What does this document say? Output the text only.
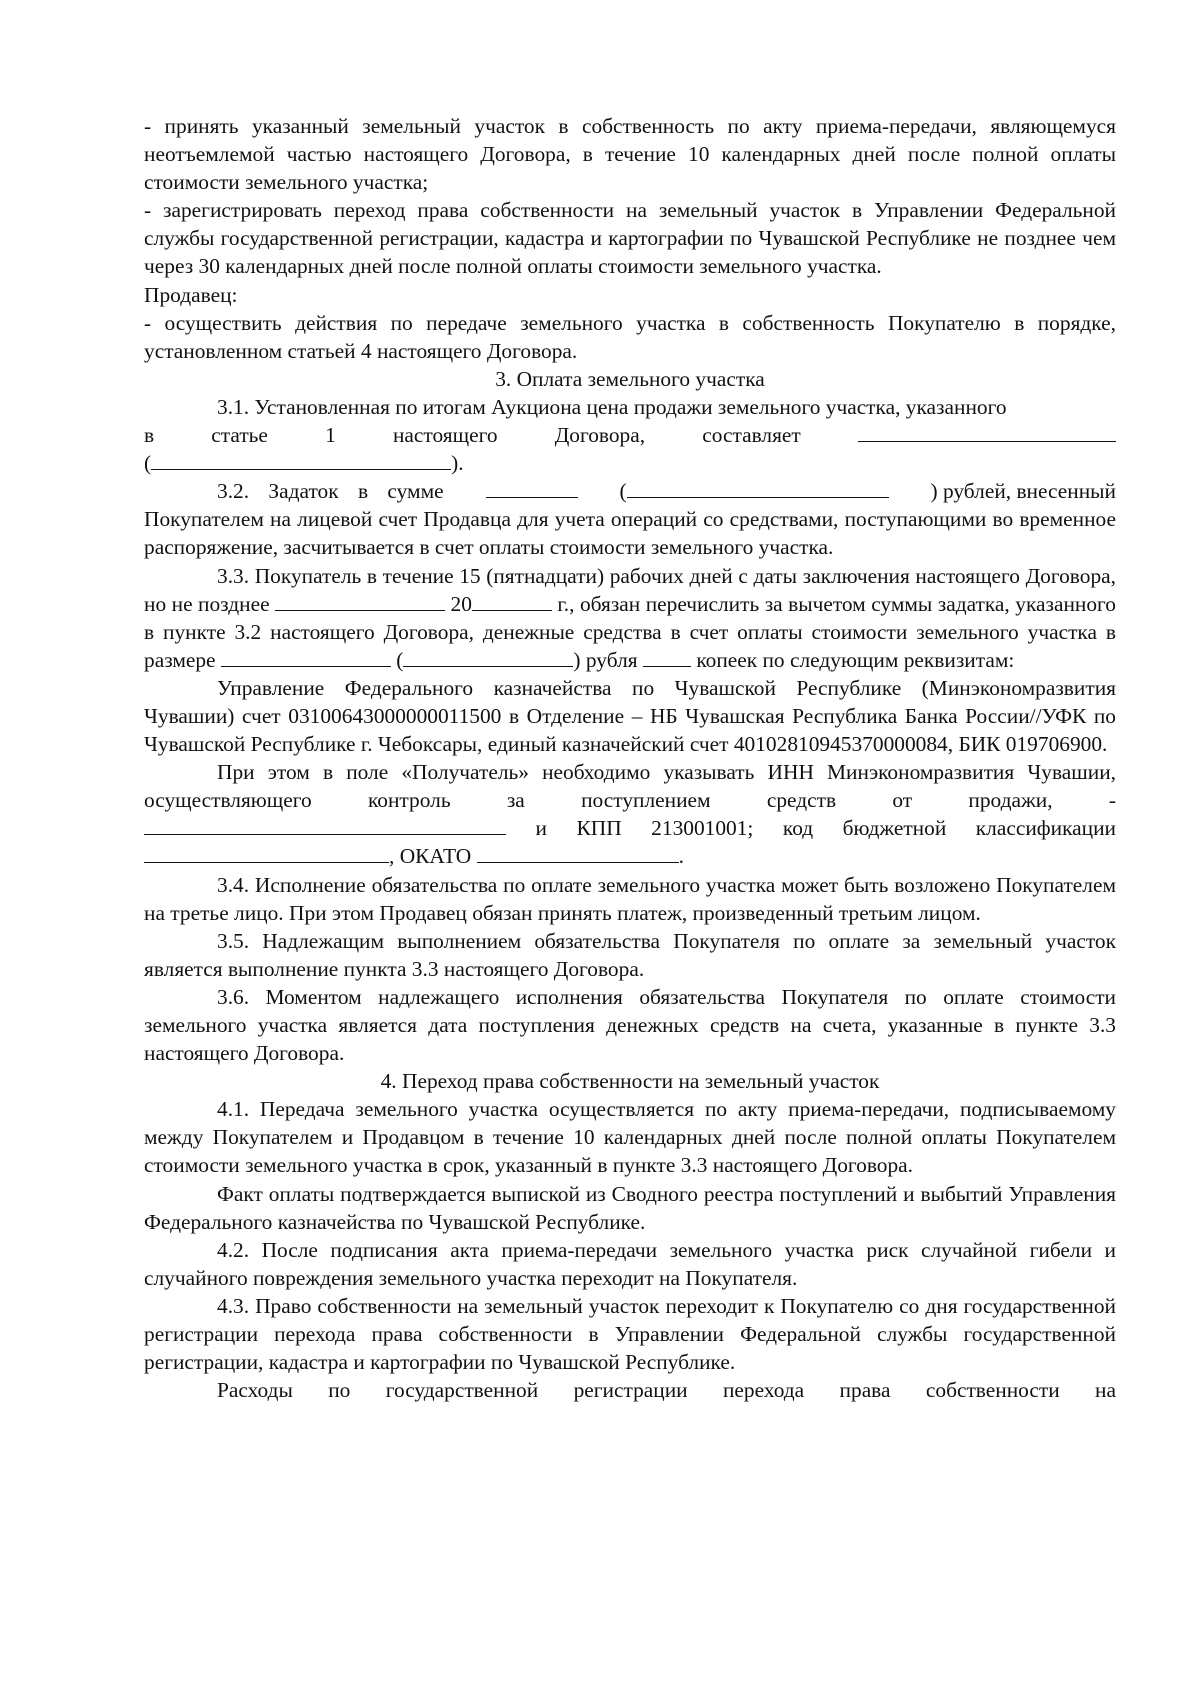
- принять указанный земельный участок в собственность по акту приема-передачи, являющемуся неотъемлемой частью настоящего Договора, в течение 10 календарных дней после полной оплаты стоимости земельного участка;

- зарегистрировать переход права собственности на земельный участок в Управлении Федеральной службы государственной регистрации, кадастра и картографии по Чувашской Республике не позднее чем через 30 календарных дней после полной оплаты стоимости земельного участка.

Продавец:

- осуществить действия по передаче земельного участка в собственность Покупателю в порядке, установленном статьей 4 настоящего Договора.

3. Оплата земельного участка

3.1. Установленная по итогам Аукциона цена продажи земельного участка, указанного

в	статье	1	настоящего	Договора,	составляет

(	).

3.2. Задаток в сумме	(	) рублей, внесенный

Покупателем на лицевой счет Продавца для учета операций со средствами, поступающими во временное распоряжение, засчитывается в счет оплаты стоимости земельного участка.

3.3. Покупатель в течение 15 (пятнадцати) рабочих дней с даты заключения настоящего Договора, но не позднее	20	г., обязан перечислить за вычетом суммы задатка, указанного в пункте 3.2 настоящего Договора, денежные средства в счет оплаты стоимости земельного участка в размере	(	) рубля	копеек по следующим реквизитам:

Управление Федерального казначейства по Чувашской Республике (Минэкономразвития Чувашии) счет 03100643000000011500 в Отделение – НБ Чувашская Республика Банка России//УФК по Чувашской Республике г. Чебоксары, единый казначейский счет 40102810945370000084, БИК 019706900.

При этом в поле «Получатель» необходимо указывать ИНН Минэкономразвития Чувашии, осуществляющего контроль за поступлением средств от продажи, -  и КПП 213001001; код бюджетной классификации , ОКАТО	.

3.4. Исполнение обязательства по оплате земельного участка может быть возложено Покупателем на третье лицо. При этом Продавец обязан принять платеж, произведенный третьим лицом.

3.5. Надлежащим выполнением обязательства Покупателя по оплате за земельный участок является выполнение пункта 3.3 настоящего Договора.

3.6. Моментом надлежащего исполнения обязательства Покупателя по оплате стоимости земельного участка является дата поступления денежных средств на счета, указанные в пункте 3.3 настоящего Договора.

4. Переход права собственности на земельный участок

4.1. Передача земельного участка осуществляется по акту приема-передачи, подписываемому между Покупателем и Продавцом в течение 10 календарных дней после полной оплаты Покупателем стоимости земельного участка в срок, указанный в пункте 3.3 настоящего Договора.

Факт оплаты подтверждается выпиской из Сводного реестра поступлений и выбытий Управления Федерального казначейства по Чувашской Республике.

4.2. После подписания акта приема-передачи земельного участка риск случайной гибели и случайного повреждения земельного участка переходит на Покупателя.

4.3. Право собственности на земельный участок переходит к Покупателю со дня государственной регистрации перехода права собственности в Управлении Федеральной службы государственной регистрации, кадастра и картографии по Чувашской Республике.

Расходы по государственной регистрации перехода права собственности на
